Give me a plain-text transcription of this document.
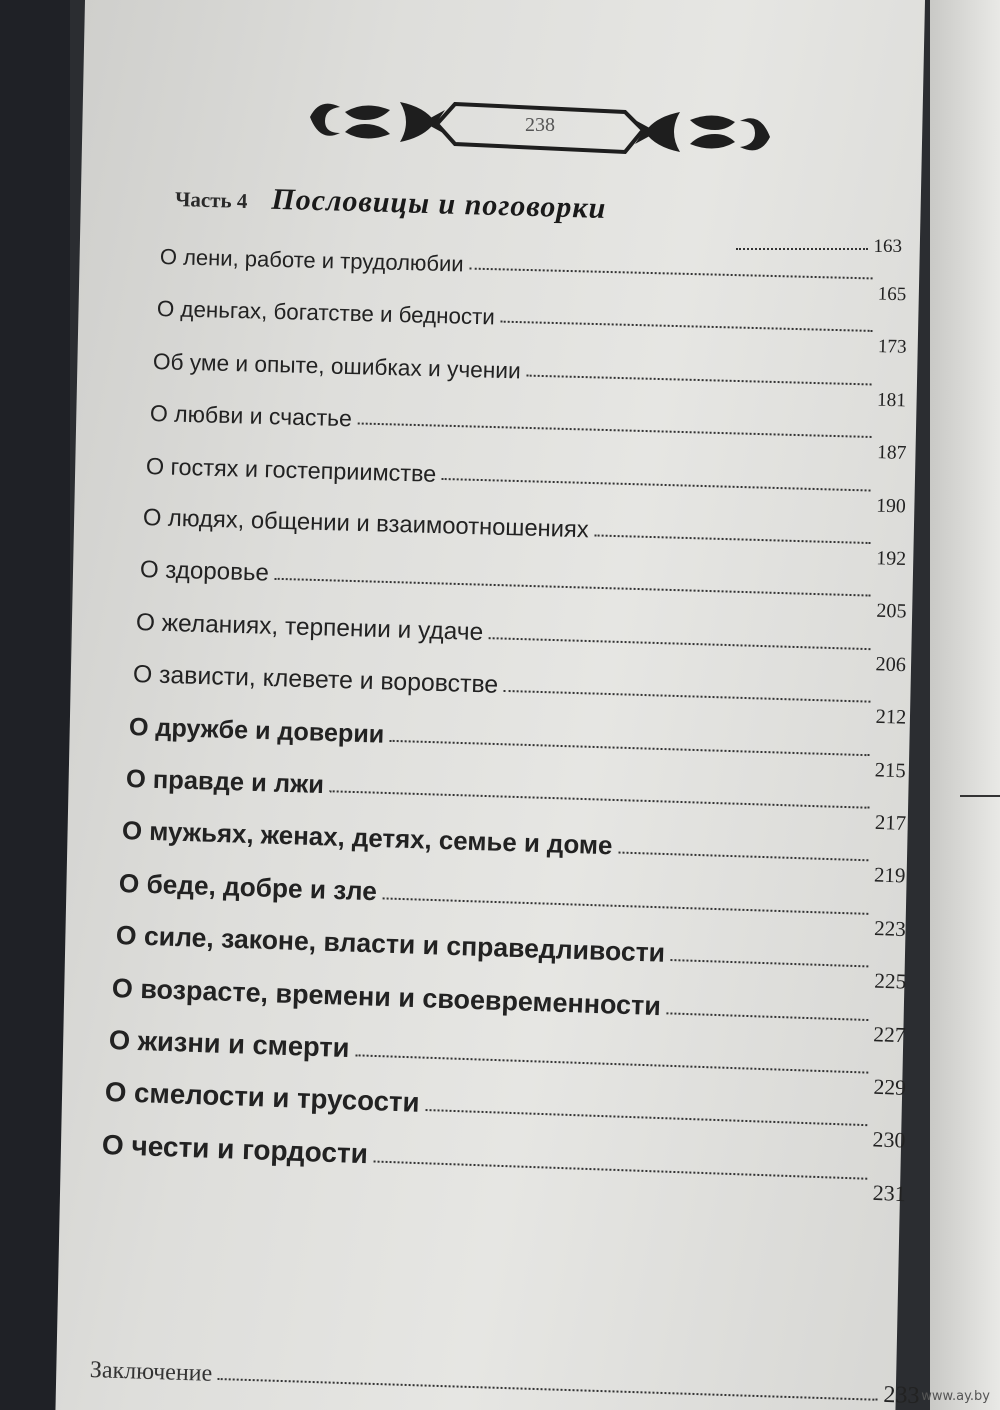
238
Часть 4 Пословицы и поговорки
163
О лени, работе и трудолюбии
165
О деньгах, богатстве и бедности
173
Об уме и опыте, ошибках и учении
181
О любви и счастье
187
О гостях и гостеприимстве
190
О людях, общении и взаимоотношениях
192
О здоровье
205
О желаниях, терпении и удаче
206
О зависти, клевете и воровстве
212
О дружбе и доверии
215
О правде и лжи
217
О мужьях, женах, детях, семье и доме
219
О беде, добре и зле
223
О силе, законе, власти и справедливости
225
О возрасте, времени и своевременности
227
О жизни и смерти
229
О смелости и трусости
230
О чести и гордости
231
Заключение
233 www.ay.by
